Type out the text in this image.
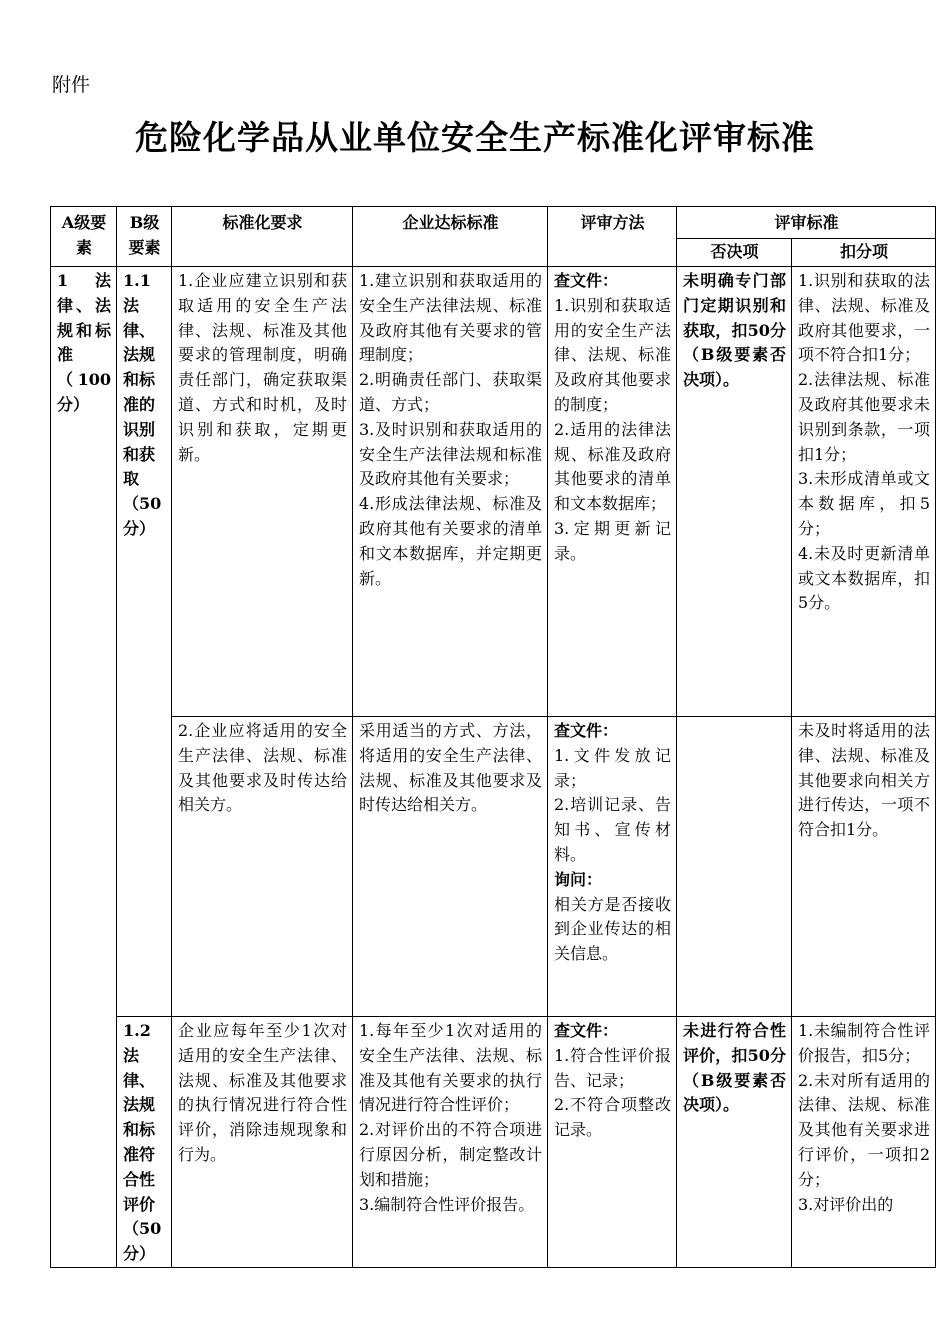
附件
危险化学品从业单位安全生产标准化评审标准
A级要素	B级要素	标准化要求	企业达标标准	评审方法	评审标准	
					否决项	扣分项
1 法律、法规和标准（100分）	1.1 法律、法规和标准的识别和获取（50分）	1.企业应建立识别和获取适用的安全生产法律、法规、标准及其他要求的管理制度，明确责任部门，确定获取渠道、方式和时机，及时识别和获取，定期更新。	1.建立识别和获取适用的安全生产法律法规、标准及政府其他有关要求的管理制度；
2.明确责任部门、获取渠道、方式；
3.及时识别和获取适用的安全生产法律法规和标准及政府其他有关要求；
4.形成法律法规、标准及政府其他有关要求的清单和文本数据库，并定期更新。	查文件：
1.识别和获取适用的安全生产法律、法规、标准及政府其他要求的制度；
2.适用的法律法规、标准及政府其他要求的清单和文本数据库；
3.定期更新记录。	未明确专门部门定期识别和获取，扣50分（B级要素否决项）。	1.识别和获取的法律、法规、标准及政府其他要求，一项不符合扣1分；
2.法律法规、标准及政府其他要求未识别到条款，一项扣1分；
3.未形成清单或文本数据库，扣5分；
4.未及时更新清单或文本数据库，扣5分。

		2.企业应将适用的安全生产法律、法规、标准及其他要求及时传达给相关方。	采用适当的方式、方法，将适用的安全生产法律、法规、标准及其他要求及时传达给相关方。	查文件：
1.文件发放记录；
2.培训记录、告知书、宣传材料。
询问：
相关方是否接收到企业传达的相关信息。		未及时将适用的法律、法规、标准及其他要求向相关方进行传达，一项不符合扣1分。

	1.2 法律、法规和标准符合性评价（50分）	企业应每年至少1次对适用的安全生产法律、法规、标准及其他要求的执行情况进行符合性评价，消除违规现象和行为。	1.每年至少1次对适用的安全生产法律、法规、标准及其他有关要求的执行情况进行符合性评价；
2.对评价出的不符合项进行原因分析，制定整改计划和措施；
3.编制符合性评价报告。	查文件：
1.符合性评价报告、记录；
2.不符合项整改记录。	未进行符合性评价，扣50分（B级要素否决项）。	1.未编制符合性评价报告，扣5分；
2.未对所有适用的法律、法规、标准及其他有关要求进行评价，一项扣2分；
3.对评价出的
